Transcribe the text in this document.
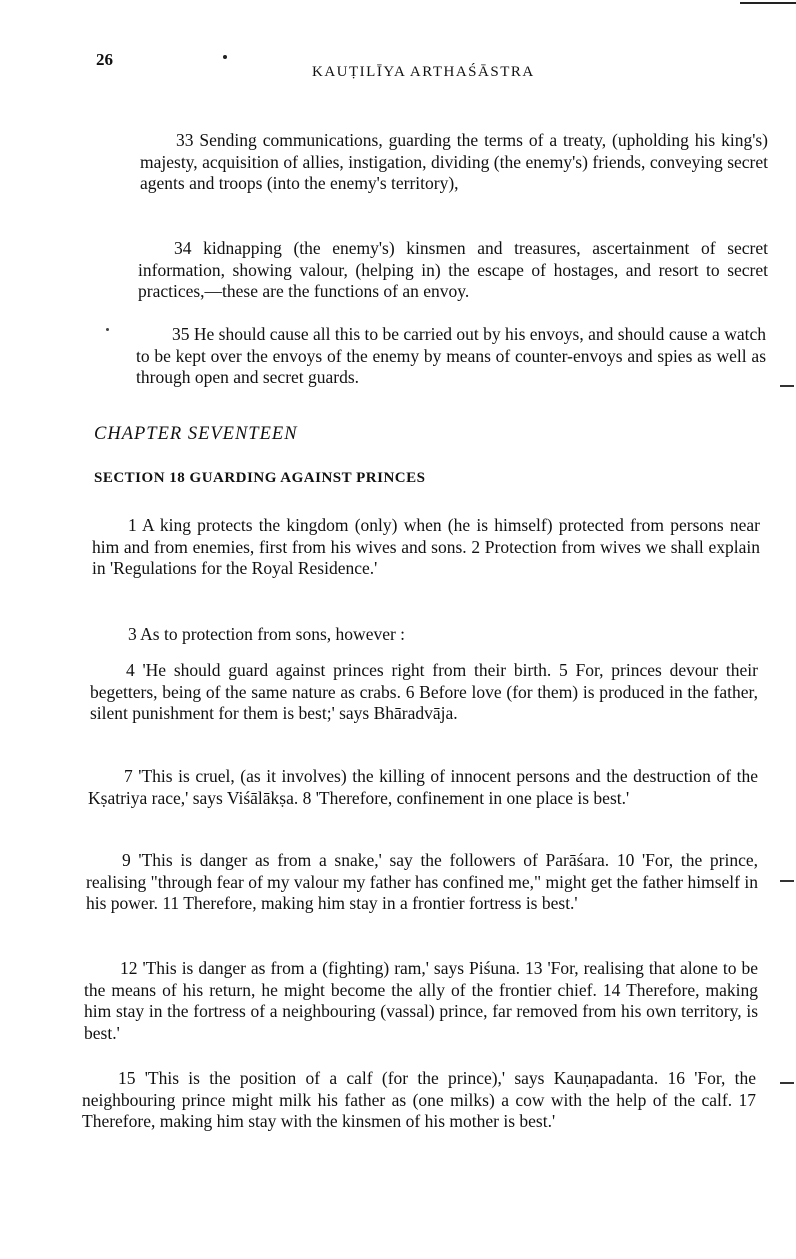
26
KAUṬILĪYA ARTHAŚĀSTRA

33 Sending communications, guarding the terms of a treaty, (upholding his king's) majesty, acquisition of allies, instigation, dividing (the enemy's) friends, conveying secret agents and troops (into the enemy's territory),

34 kidnapping (the enemy's) kinsmen and treasures, ascertainment of secret information, showing valour, (helping in) the escape of hostages, and resort to secret practices,—these are the functions of an envoy.

35 He should cause all this to be carried out by his envoys, and should cause a watch to be kept over the envoys of the enemy by means of counter-envoys and spies as well as through open and secret guards.

CHAPTER SEVENTEEN
SECTION 18 GUARDING AGAINST PRINCES

1 A king protects the kingdom (only) when (he is himself) protected from persons near him and from enemies, first from his wives and sons. 2 Protection from wives we shall explain in 'Regulations for the Royal Residence.'

3 As to protection from sons, however :

4 'He should guard against princes right from their birth. 5 For, princes devour their begetters, being of the same nature as crabs. 6 Before love (for them) is produced in the father, silent punishment for them is best;' says Bhāradvāja.

7 'This is cruel, (as it involves) the killing of innocent persons and the destruction of the Kṣatriya race,' says Viśālākṣa. 8 'Therefore, confinement in one place is best.'

9 'This is danger as from a snake,' say the followers of Parāśara. 10 'For, the prince, realising "through fear of my valour my father has confined me," might get the father himself in his power. 11 Therefore, making him stay in a frontier fortress is best.'

12 'This is danger as from a (fighting) ram,' says Piśuna. 13 'For, realising that alone to be the means of his return, he might become the ally of the frontier chief. 14 Therefore, making him stay in the fortress of a neighbouring (vassal) prince, far removed from his own territory, is best.'

15 'This is the position of a calf (for the prince),' says Kauṇapadanta. 16 'For, the neighbouring prince might milk his father as (one milks) a cow with the help of the calf. 17 Therefore, making him stay with the kinsmen of his mother is best.'
